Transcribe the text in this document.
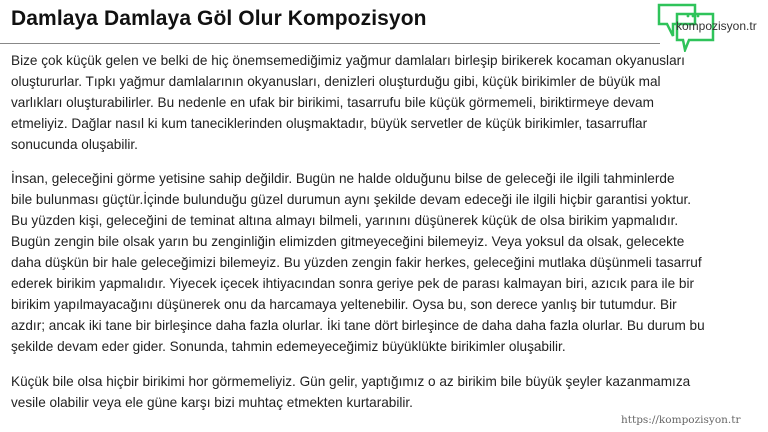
Damlaya Damlaya Göl Olur Kompozisyon	kompozisyon.tr
Bize çok küçük gelen ve belki de hiç önemsemediğimiz yağmur damlaları birleşip birikerek kocaman okyanusları
oluştururlar. Tıpkı yağmur damlalarının okyanusları, denizleri oluşturduğu gibi, küçük birikimler de büyük mal
varlıkları oluşturabilirler. Bu nedenle en ufak bir birikimi, tasarrufu bile küçük görmemeli, biriktirmeye devam
etmeliyiz. Dağlar nasıl ki kum taneciklerinden oluşmaktadır, büyük servetler de küçük birikimler, tasarruflar
sonucunda oluşabilir.
İnsan, geleceğini görme yetisine sahip değildir. Bugün ne halde olduğunu bilse de geleceği ile ilgili tahminlerde
bile bulunması güçtür.İçinde bulunduğu güzel durumun aynı şekilde devam edeceği ile ilgili hiçbir garantisi yoktur.
Bu yüzden kişi, geleceğini de teminat altına almayı bilmeli, yarınını düşünerek küçük de olsa birikim yapmalıdır.
Bugün zengin bile olsak yarın bu zenginliğin elimizden gitmeyeceğini bilemeyiz. Veya yoksul da olsak, gelecekte
daha düşkün bir hale geleceğimizi bilemeyiz. Bu yüzden zengin fakir herkes, geleceğini mutlaka düşünmeli tasarruf
ederek birikim yapmalıdır. Yiyecek içecek ihtiyacından sonra geriye pek de parası kalmayan biri, azıcık para ile bir
birikim yapılmayacağını düşünerek onu da harcamaya yeltenebilir. Oysa bu, son derece yanlış bir tutumdur. Bir
azdır; ancak iki tane bir birleşince daha fazla olurlar. İki tane dört birleşince de daha daha fazla olurlar. Bu durum bu
şekilde devam eder gider. Sonunda, tahmin edemeyeceğimiz büyüklükte birikimler oluşabilir.
Küçük bile olsa hiçbir birikimi hor görmemeliyiz. Gün gelir, yaptığımız o az birikim bile büyük şeyler kazanmamıza
vesile olabilir veya ele güne karşı bizi muhtaç etmekten kurtarabilir.
https://kompozisyon.tr
